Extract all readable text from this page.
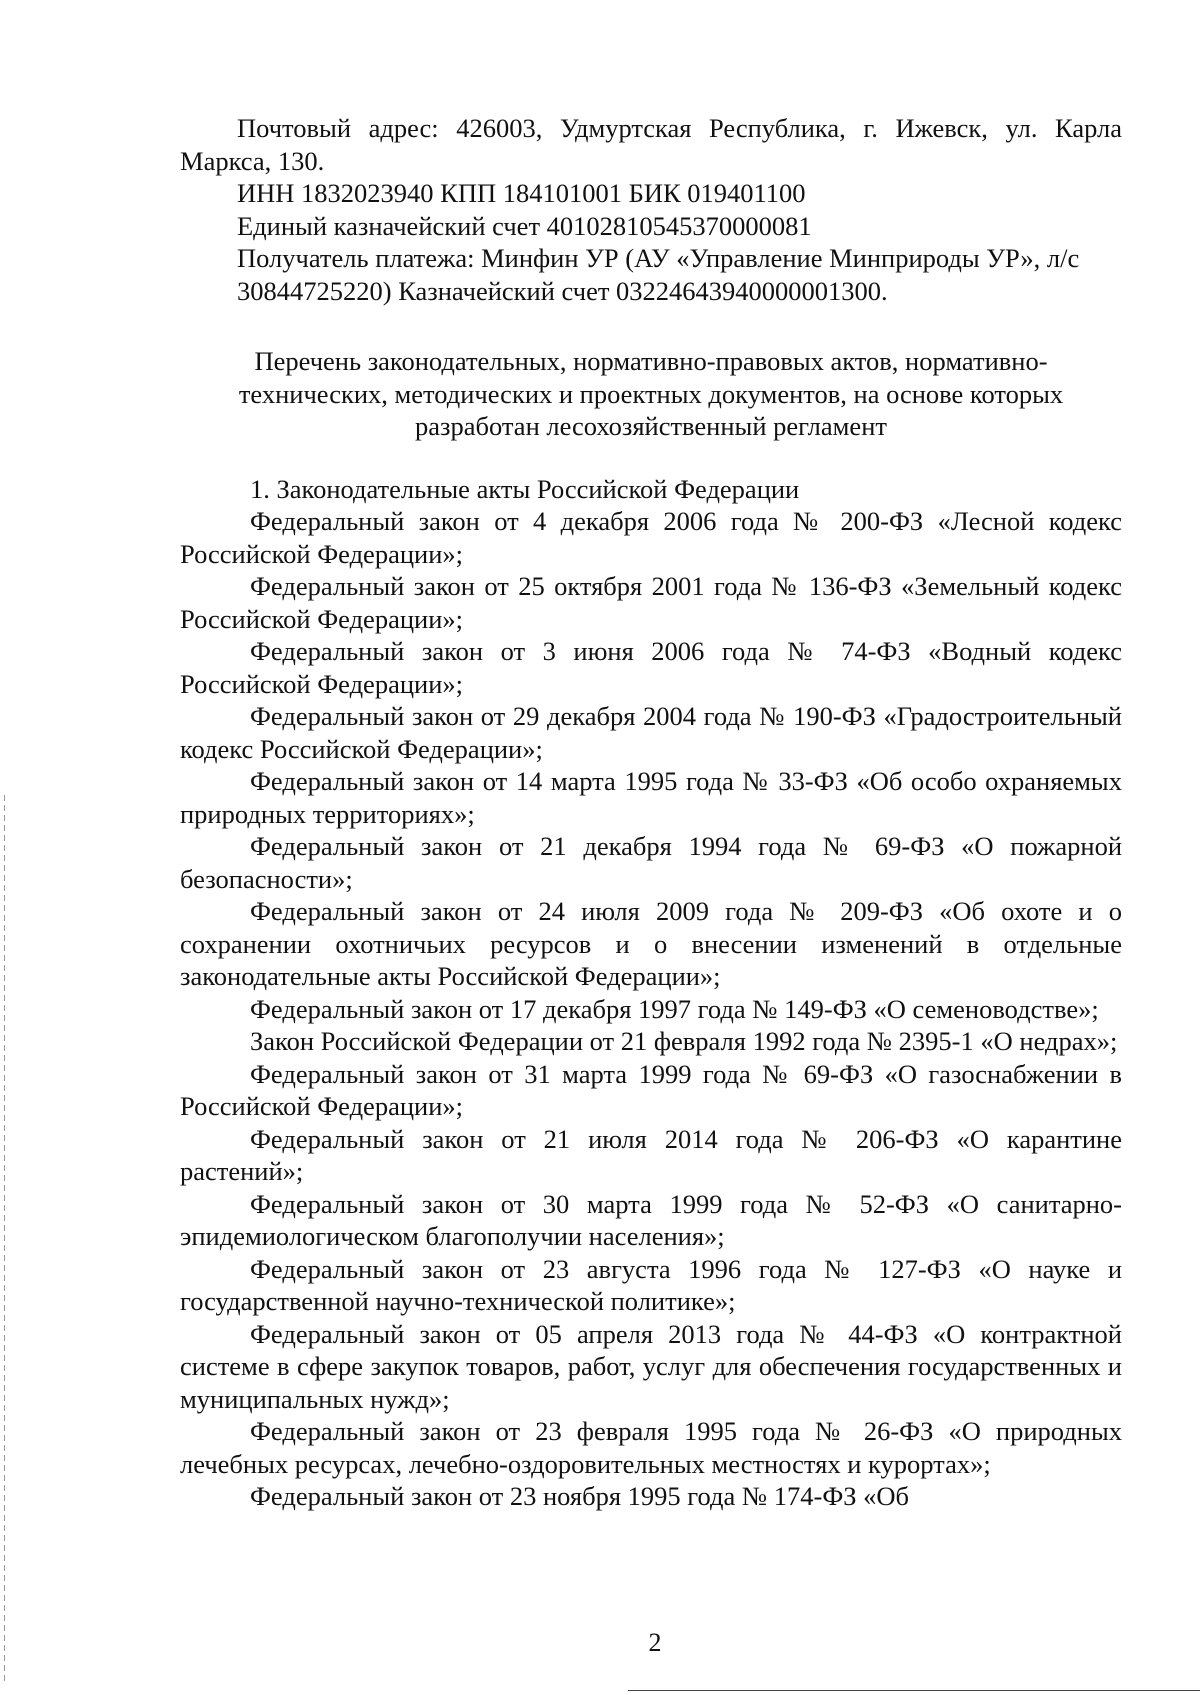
Почтовый адрес: 426003, Удмуртская Республика, г. Ижевск, ул. Карла Маркса, 130.

ИНН 1832023940 КПП 184101001 БИК 019401100

Единый казначейский счет 40102810545370000081

Получатель платежа: Минфин УР (АУ «Управление Минприроды УР», л/с 30844725220) Казначейский счет 03224643940000001300.

Перечень законодательных, нормативно-правовых актов, нормативно-технических, методических и проектных документов, на основе которых разработан лесохозяйственный регламент

1. Законодательные акты Российской Федерации

Федеральный закон от 4 декабря 2006 года № 200-ФЗ «Лесной кодекс Российской Федерации»;

Федеральный закон от 25 октября 2001 года № 136-ФЗ «Земельный кодекс Российской Федерации»;

Федеральный закон от 3 июня 2006 года № 74-ФЗ «Водный кодекс Российской Федерации»;

Федеральный закон от 29 декабря 2004 года № 190-ФЗ «Градостроительный кодекс Российской Федерации»;

Федеральный закон от 14 марта 1995 года № 33-ФЗ «Об особо охраняемых природных территориях»;

Федеральный закон от 21 декабря 1994 года № 69-ФЗ «О пожарной безопасности»;

Федеральный закон от 24 июля 2009 года № 209-ФЗ «Об охоте и о сохранении охотничьих ресурсов и о внесении изменений в отдельные законодательные акты Российской Федерации»;

Федеральный закон от 17 декабря 1997 года № 149-ФЗ «О семеноводстве»;

Закон Российской Федерации от 21 февраля 1992 года № 2395-1 «О недрах»;

Федеральный закон от 31 марта 1999 года № 69-ФЗ «О газоснабжении в Российской Федерации»;

Федеральный закон от 21 июля 2014 года № 206-ФЗ «О карантине растений»;

Федеральный закон от 30 марта 1999 года № 52-ФЗ «О санитарно-эпидемиологическом благополучии населения»;

Федеральный закон от 23 августа 1996 года № 127-ФЗ «О науке и государственной научно-технической политике»;

Федеральный закон от 05 апреля 2013 года № 44-ФЗ «О контрактной системе в сфере закупок товаров, работ, услуг для обеспечения государственных и муниципальных нужд»;

Федеральный закон от 23 февраля 1995 года № 26-ФЗ «О природных лечебных ресурсах, лечебно-оздоровительных местностях и курортах»;

Федеральный закон от 23 ноября 1995 года № 174-ФЗ «Об

2
